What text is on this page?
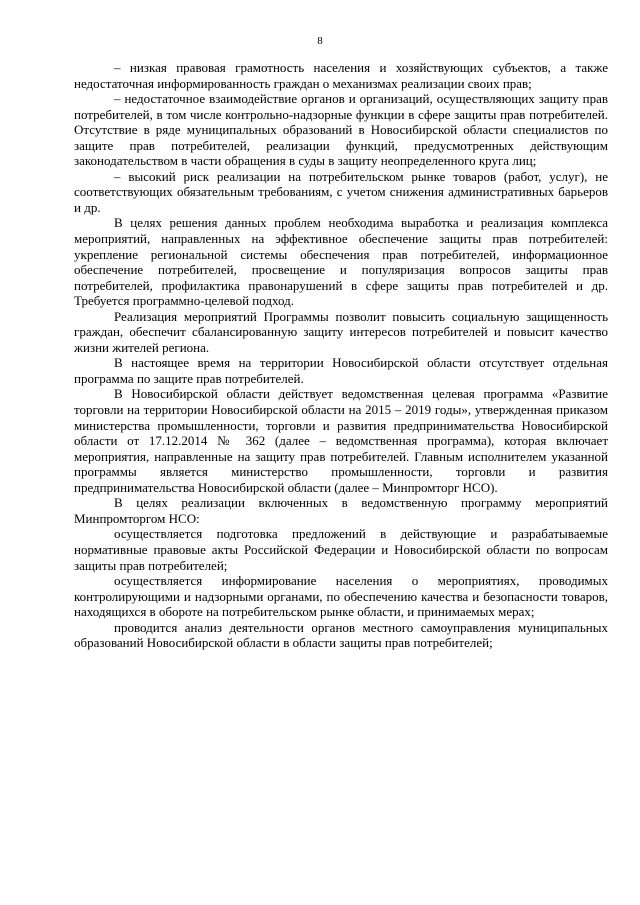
8

– низкая правовая грамотность населения и хозяйствующих субъектов, а также недостаточная информированность граждан о механизмах реализации своих прав;

– недостаточное взаимодействие органов и организаций, осуществляющих защиту прав потребителей, в том числе контрольно-надзорные функции в сфере защиты прав потребителей. Отсутствие в ряде муниципальных образований в Новосибирской области специалистов по защите прав потребителей, реализации функций, предусмотренных действующим законодательством в части обращения в суды в защиту неопределенного круга лиц;

– высокий риск реализации на потребительском рынке товаров (работ, услуг), не соответствующих обязательным требованиям, с учетом снижения административных барьеров и др.

В целях решения данных проблем необходима выработка и реализация комплекса мероприятий, направленных на эффективное обеспечение защиты прав потребителей: укрепление региональной системы обеспечения прав потребителей, информационное обеспечение потребителей, просвещение и популяризация вопросов защиты прав потребителей, профилактика правонарушений в сфере защиты прав потребителей и др. Требуется программно-целевой подход.

Реализация мероприятий Программы позволит повысить социальную защищенность граждан, обеспечит сбалансированную защиту интересов потребителей и повысит качество жизни жителей региона.

В настоящее время на территории Новосибирской области отсутствует отдельная программа по защите прав потребителей.

В Новосибирской области действует ведомственная целевая программа «Развитие торговли на территории Новосибирской области на 2015 – 2019 годы», утвержденная приказом министерства промышленности, торговли и развития предпринимательства Новосибирской области от 17.12.2014 № 362 (далее – ведомственная программа), которая включает мероприятия, направленные на защиту прав потребителей. Главным исполнителем указанной программы является министерство промышленности, торговли и развития предпринимательства Новосибирской области (далее – Минпромторг НСО).

В целях реализации включенных в ведомственную программу мероприятий Минпромторгом НСО:

осуществляется подготовка предложений в действующие и разрабатываемые нормативные правовые акты Российской Федерации и Новосибирской области по вопросам защиты прав потребителей;

осуществляется информирование населения о мероприятиях, проводимых контролирующими и надзорными органами, по обеспечению качества и безопасности товаров, находящихся в обороте на потребительском рынке области, и принимаемых мерах;

проводится анализ деятельности органов местного самоуправления муниципальных образований Новосибирской области в области защиты прав потребителей;
